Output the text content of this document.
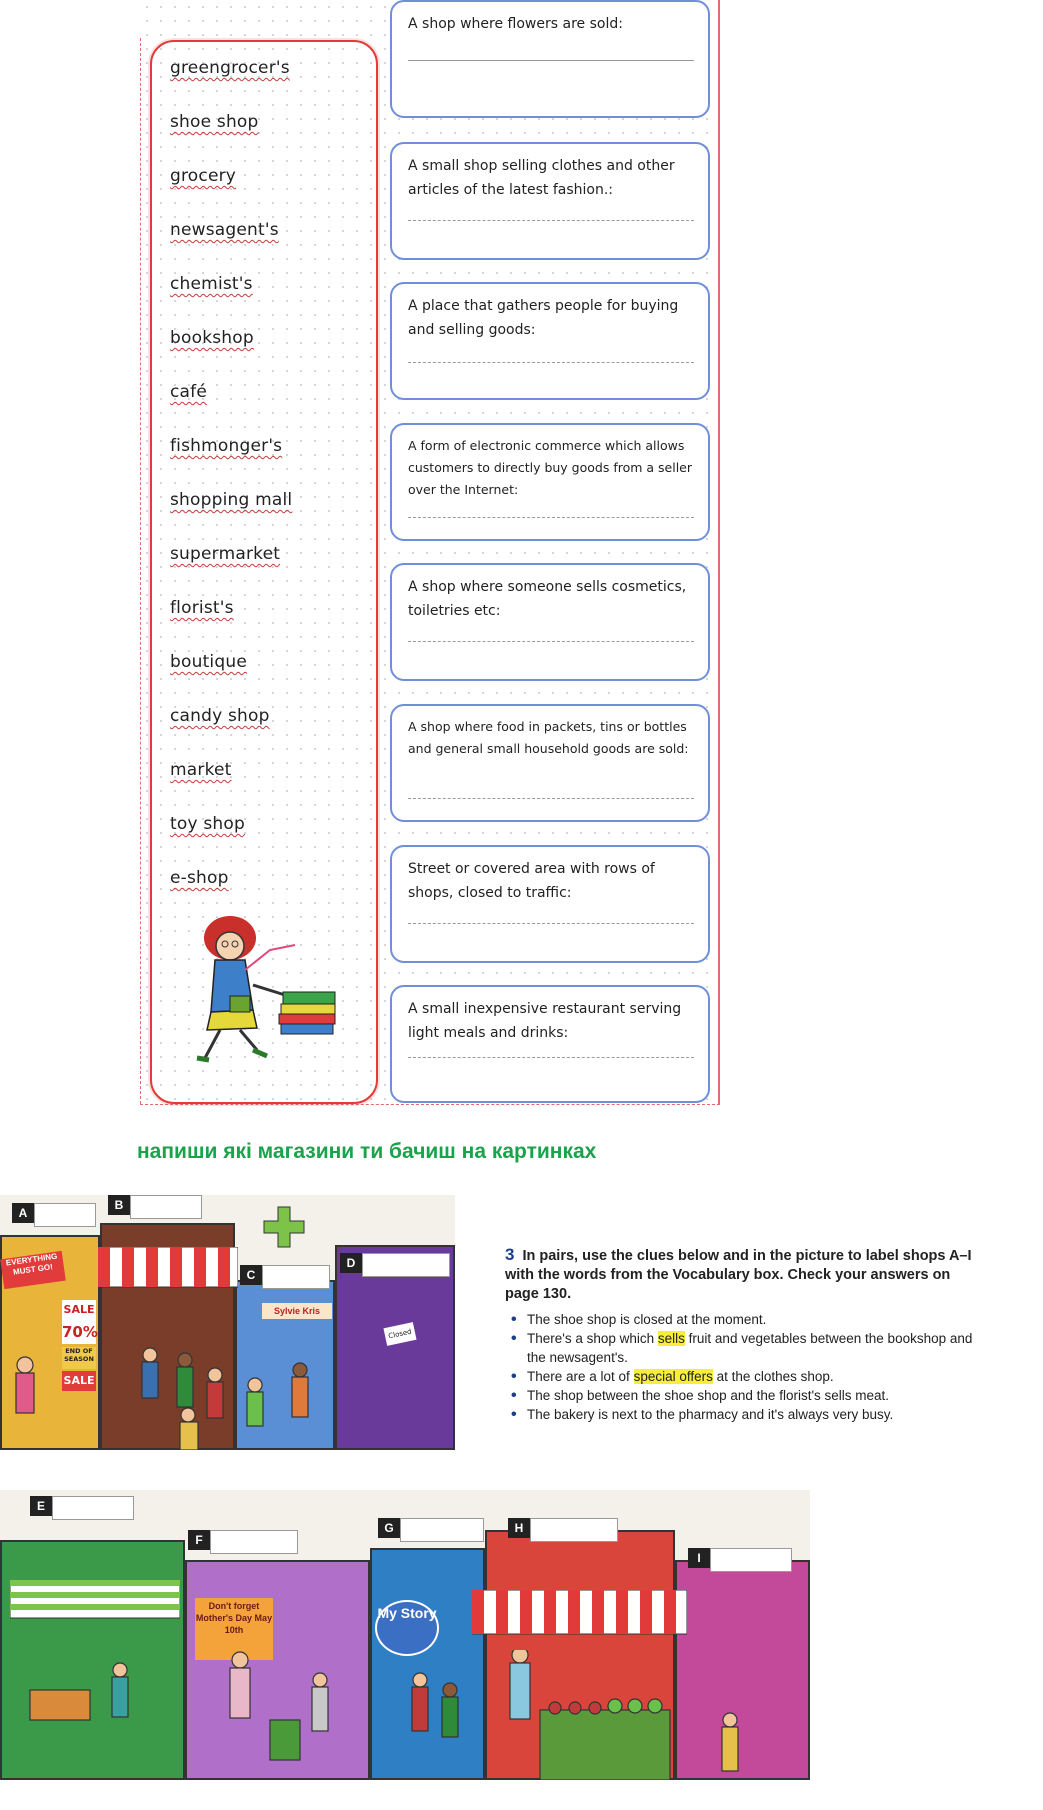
greengrocer's
shoe shop
grocery
newsagent's
chemist's
bookshop
café
fishmonger's
shopping mall
supermarket
florist's
boutique
candy shop
market
toy shop
e-shop
A shop where flowers are sold:
A small shop selling clothes and other articles of the latest fashion.:
A place that gathers people for buying and selling goods:
A form of electronic commerce which allows customers to directly buy goods from a seller over the Internet:
A shop where someone sells cosmetics, toiletries etc:
A shop where food in packets, tins or bottles and general small household goods are sold:
Street or covered area with rows of shops, closed to traffic:
A small inexpensive restaurant serving light meals and drinks:
напиши які магазини ти бачиш на картинках
EVERYTHING MUST GO!
SALE
70%
END OF SEASON
SALE
Sylvie Kris
Closed
A
B
C
D	3 In pairs, use the clues below and in the picture to label shops A–I with the words from the Vocabulary box. Check your answers on page 130.
• The shoe shop is closed at the moment.
• There's a shop which sells fruit and vegetables between the bookshop and the newsagent's.
• There are a lot of special offers at the clothes shop.
• The shop between the shoe shop and the florist's sells meat.
• The bakery is next to the pharmacy and it's always very busy.
Don't forget Mother's Day May 10th
My Story
E
F
G	H
I
